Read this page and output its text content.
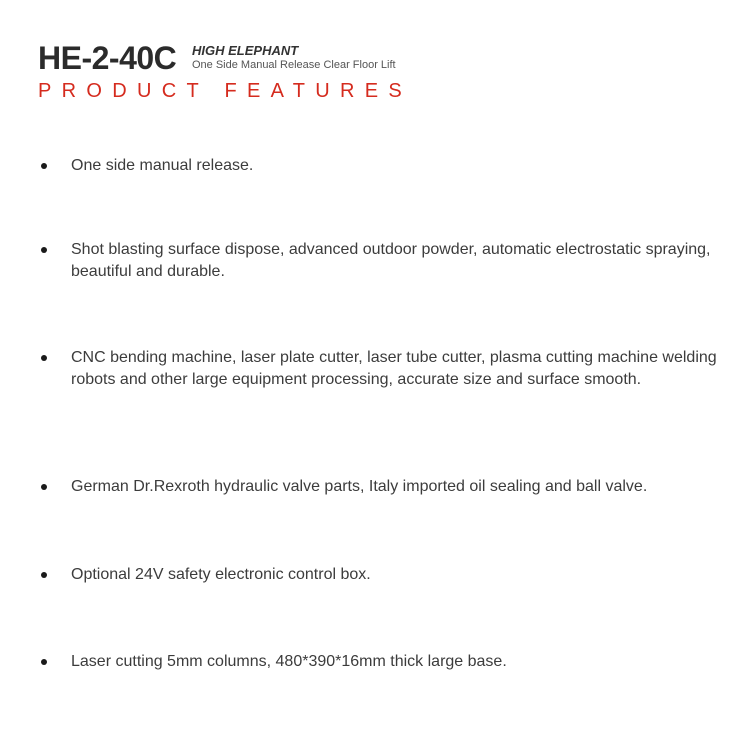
HE-2-40C HIGH ELEPHANT
One Side Manual Release Clear Floor Lift
PRODUCT FEATURES
One side manual release.
Shot blasting surface dispose, advanced outdoor powder, automatic electrostatic spraying, beautiful and durable.
CNC bending machine, laser plate cutter, laser tube cutter, plasma cutting machine welding robots and other large equipment processing, accurate size and surface smooth.
German Dr.Rexroth hydraulic valve parts, Italy imported oil sealing and ball valve.
Optional 24V safety electronic control box.
Laser cutting 5mm columns, 480*390*16mm thick large base.
